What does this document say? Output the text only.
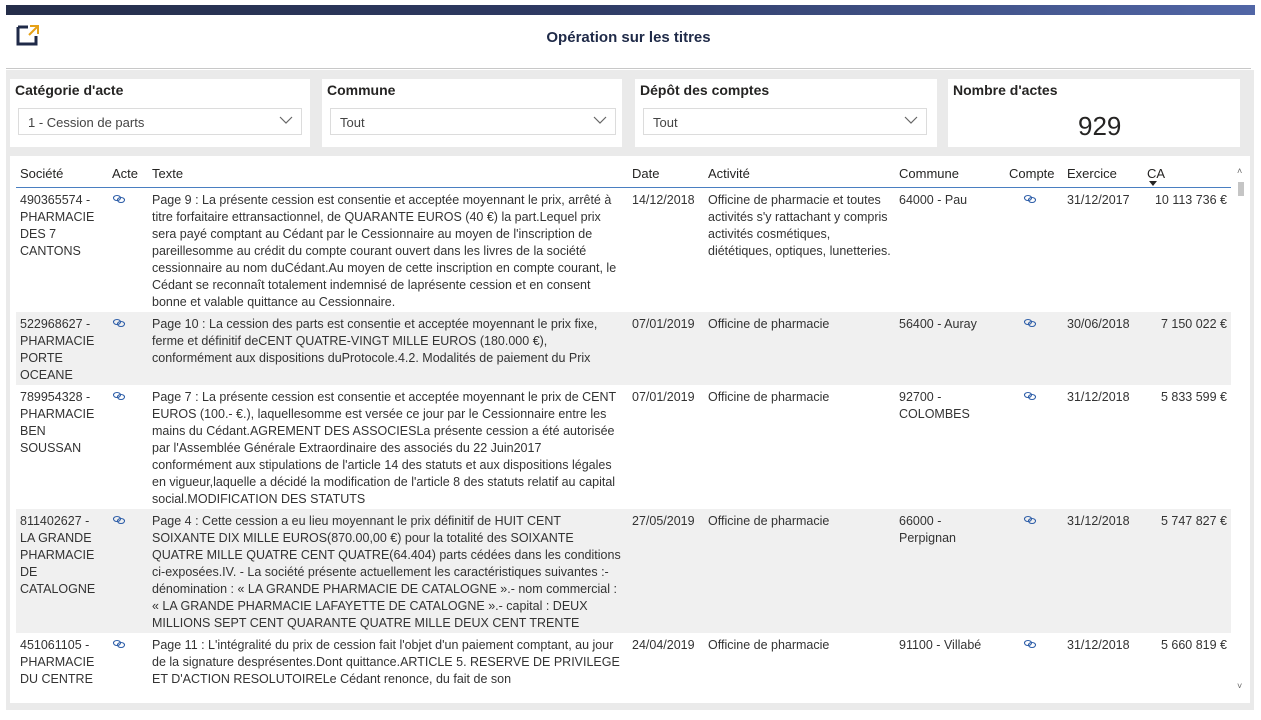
Opération sur les titres
Catégorie d'acte
1 - Cession de parts
Commune
Tout
Dépôt des comptes
Tout
Nombre d'actes
929
Société	Acte	Texte	Date	Activité	Commune	Compte	Exercice	CA

490365574 - PHARMACIE DES 7 CANTONS		Page 9 : La présente cession est consentie et acceptée moyennant le prix, arrêté à titre forfaitaire ettransactionnel, de QUARANTE EUROS (40 €) la part.Lequel prix sera payé comptant au Cédant par le Cessionnaire au moyen de l'inscription de pareillesomme au crédit du compte courant ouvert dans les livres de la société cessionnaire au nom duCédant.Au moyen de cette inscription en compte courant, le Cédant se reconnaît totalement indemnisé de laprésente cession et en consent bonne et valable quittance au Cessionnaire.	14/12/2018	Officine de pharmacie et toutes activités s'y rattachant y compris activités cosmétiques, diététiques, optiques, lunetteries.	64000 - Pau		31/12/2017	10 113 736 €
522968627 - PHARMACIE PORTE OCEANE		Page 10 : La cession des parts est consentie et acceptée moyennant le prix fixe, ferme et définitif deCENT QUATRE-VINGT MILLE EUROS (180.000 €), conformément aux dispositions duProtocole.4.2. Modalités de paiement du Prix	07/01/2019	Officine de pharmacie	56400 - Auray		30/06/2018	7 150 022 €
789954328 - PHARMACIE BEN SOUSSAN		Page 7 : La présente cession est consentie et acceptée moyennant le prix de CENT EUROS (100.- €.), laquellesomme est versée ce jour par le Cessionnaire entre les mains du Cédant.AGREMENT DES ASSOCIESLa présente cession a été autorisée par l'Assemblée Générale Extraordinaire des associés du 22 Juin2017 conformément aux stipulations de l'article 14 des statuts et aux dispositions légales en vigueur,laquelle a décidé la modification de l'article 8 des statuts relatif au capital social.MODIFICATION DES STATUTS	07/01/2019	Officine de pharmacie	92700 - COLOMBES		31/12/2018	5 833 599 €
811402627 - LA GRANDE PHARMACIE DE CATALOGNE		Page 4 : Cette cession a eu lieu moyennant le prix définitif de HUIT CENT SOIXANTE DIX MILLE EUROS(870.00,00 €) pour la totalité des SOIXANTE QUATRE MILLE QUATRE CENT QUATRE(64.404) parts cédées dans les conditions ci-exposées.IV. - La société présente actuellement les caractéristiques suivantes :- dénomination : « LA GRANDE PHARMACIE DE CATALOGNE ».- nom commercial : « LA GRANDE PHARMACIE LAFAYETTE DE CATALOGNE ».- capital : DEUX MILLIONS SEPT CENT QUARANTE QUATRE MILLE DEUX CENT TRENTE	27/05/2019	Officine de pharmacie	66000 - Perpignan		31/12/2018	5 747 827 €
451061105 - PHARMACIE DU CENTRE		Page 11 : L'intégralité du prix de cession fait l'objet d'un paiement comptant, au jour de la signature desprésentes.Dont quittance.ARTICLE 5. RESERVE DE PRIVILEGE ET D'ACTION RESOLUTOIRELe Cédant renonce, du fait de son	24/04/2019	Officine de pharmacie	91100 - Villabé		31/12/2018	5 660 819 €
˄
˅
